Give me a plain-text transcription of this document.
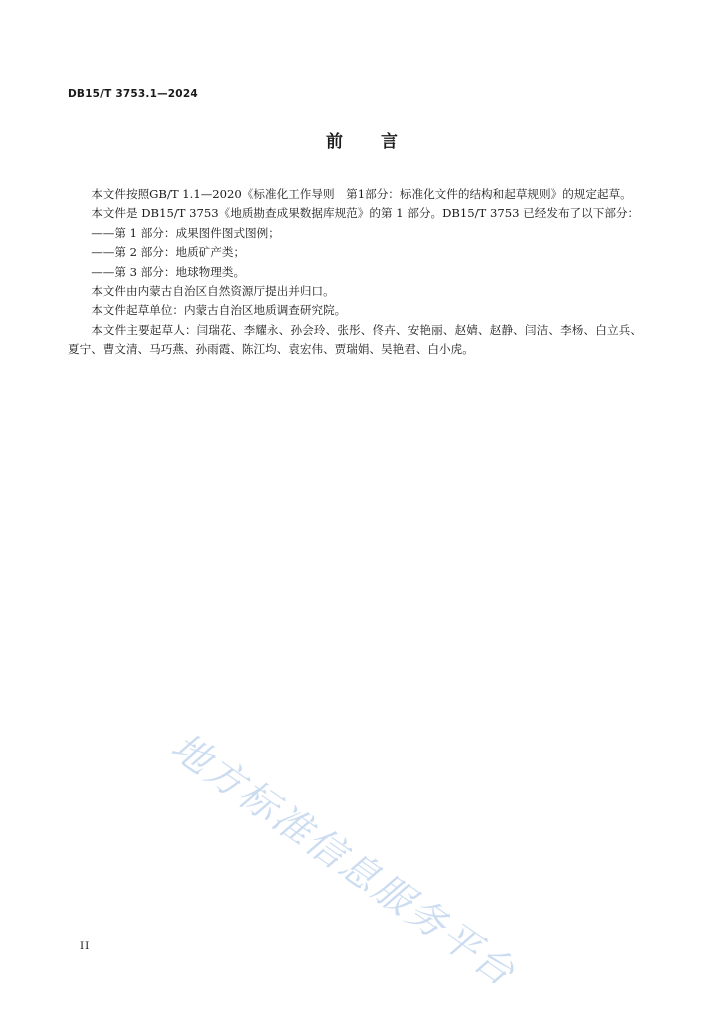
DB15/T 3753.1—2024
前 言

本文件按照GB/T 1.1—2020《标准化工作导则　第1部分：标准化文件的结构和起草规则》的规定起草。

本文件是 DB15/T 3753《地质勘查成果数据库规范》的第 1 部分。DB15/T 3753 已经发布了以下部分：

——第 1 部分：成果图件图式图例；

——第 2 部分：地质矿产类；

——第 3 部分：地球物理类。

本文件由内蒙古自治区自然资源厅提出并归口。

本文件起草单位：内蒙古自治区地质调查研究院。

本文件主要起草人：闫瑞花、李耀永、孙会玲、张彤、佟卉、安艳丽、赵婧、赵静、闫洁、李杨、白立兵、夏宁、曹文清、马巧燕、孙雨霞、陈江均、袁宏伟、贾瑞娟、吴艳君、白小虎。

地方标准信息服务平台
II
